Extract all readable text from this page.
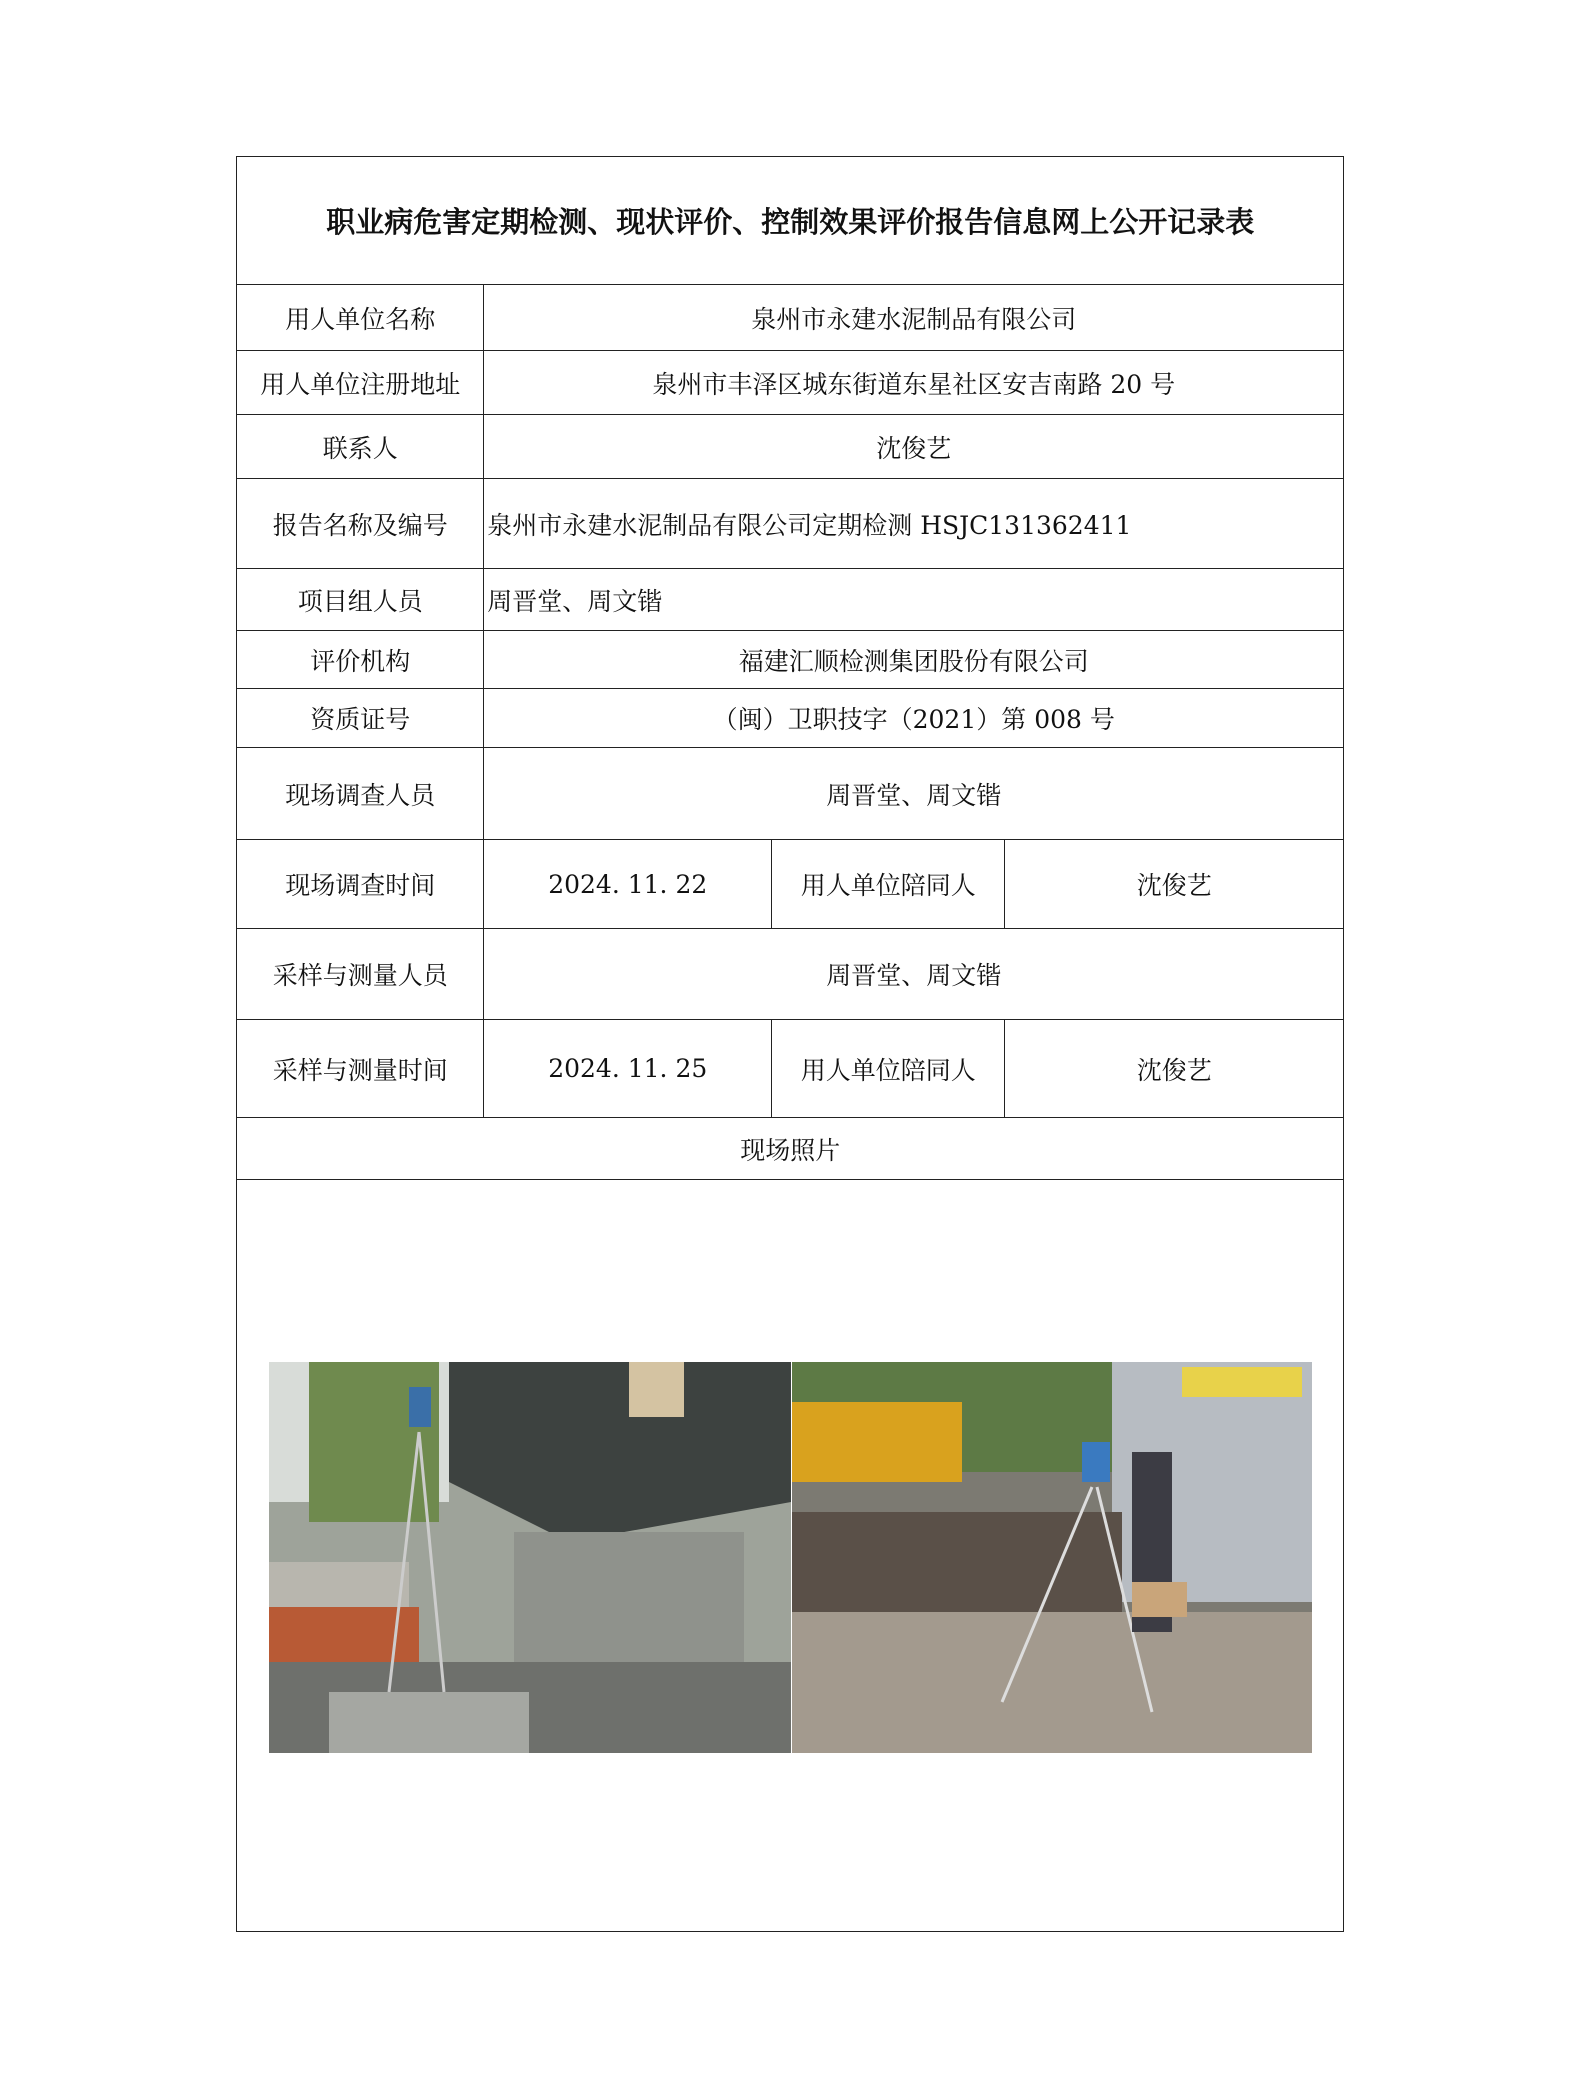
职业病危害定期检测、现状评价、控制效果评价报告信息网上公开记录表
用人单位名称	泉州市永建水泥制品有限公司
用人单位注册地址	泉州市丰泽区城东街道东星社区安吉南路 20 号
联系人	沈俊艺
报告名称及编号	泉州市永建水泥制品有限公司定期检测 HSJC131362411
项目组人员	周晋堂、周文锴
评价机构	福建汇顺检测集团股份有限公司
资质证号	（闽）卫职技字（2021）第 008 号
现场调查人员	周晋堂、周文锴
现场调查时间	2024. 11. 22	用人单位陪同人	沈俊艺
采样与测量人员	周晋堂、周文锴
采样与测量时间	2024. 11. 25	用人单位陪同人	沈俊艺
现场照片
